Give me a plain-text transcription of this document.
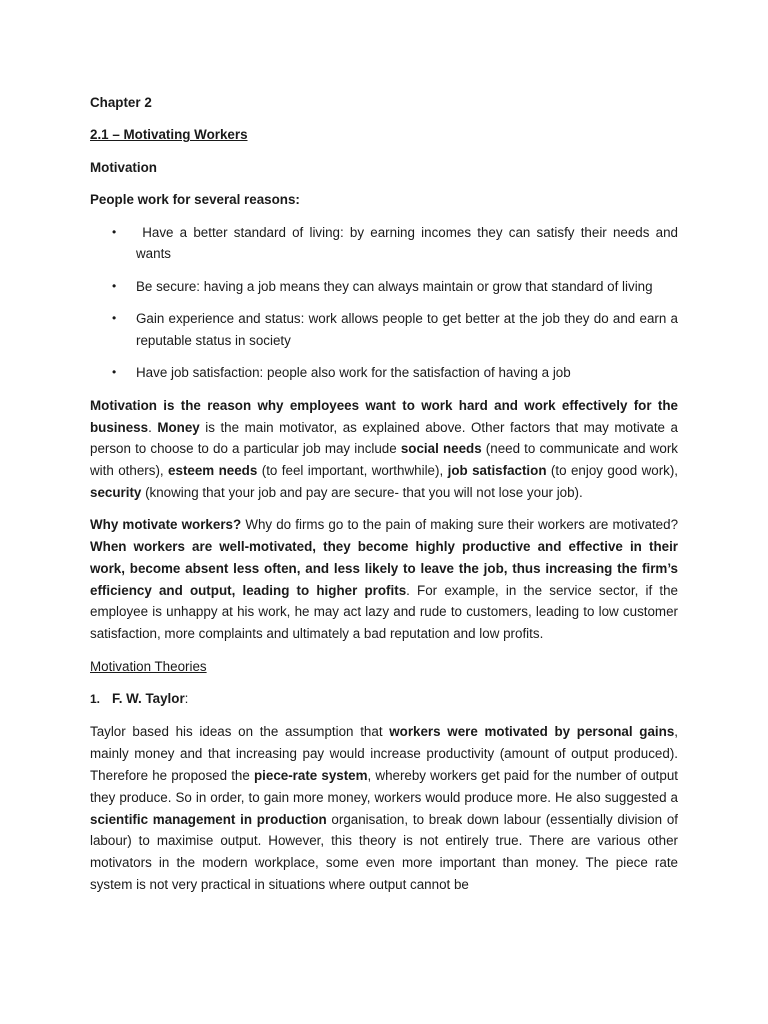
Chapter 2

2.1 – Motivating Workers

Motivation

People work for several reasons:

• Have a better standard of living: by earning incomes they can satisfy their needs and wants
• Be secure: having a job means they can always maintain or grow that standard of living
• Gain experience and status: work allows people to get better at the job they do and earn a reputable status in society
• Have job satisfaction: people also work for the satisfaction of having a job

Motivation is the reason why employees want to work hard and work effectively for the business. Money is the main motivator, as explained above. Other factors that may motivate a person to choose to do a particular job may include social needs (need to communicate and work with others), esteem needs (to feel important, worthwhile), job satisfaction (to enjoy good work), security (knowing that your job and pay are secure- that you will not lose your job).

Why motivate workers? Why do firms go to the pain of making sure their workers are motivated? When workers are well-motivated, they become highly productive and effective in their work, become absent less often, and less likely to leave the job, thus increasing the firm’s efficiency and output, leading to higher profits. For example, in the service sector, if the employee is unhappy at his work, he may act lazy and rude to customers, leading to low customer satisfaction, more complaints and ultimately a bad reputation and low profits.

Motivation Theories

1. F. W. Taylor:

Taylor based his ideas on the assumption that workers were motivated by personal gains, mainly money and that increasing pay would increase productivity (amount of output produced). Therefore he proposed the piece-rate system, whereby workers get paid for the number of output they produce. So in order, to gain more money, workers would produce more. He also suggested a scientific management in production organisation, to break down labour (essentially division of labour) to maximise output. However, this theory is not entirely true. There are various other motivators in the modern workplace, some even more important than money. The piece rate system is not very practical in situations where output cannot be
